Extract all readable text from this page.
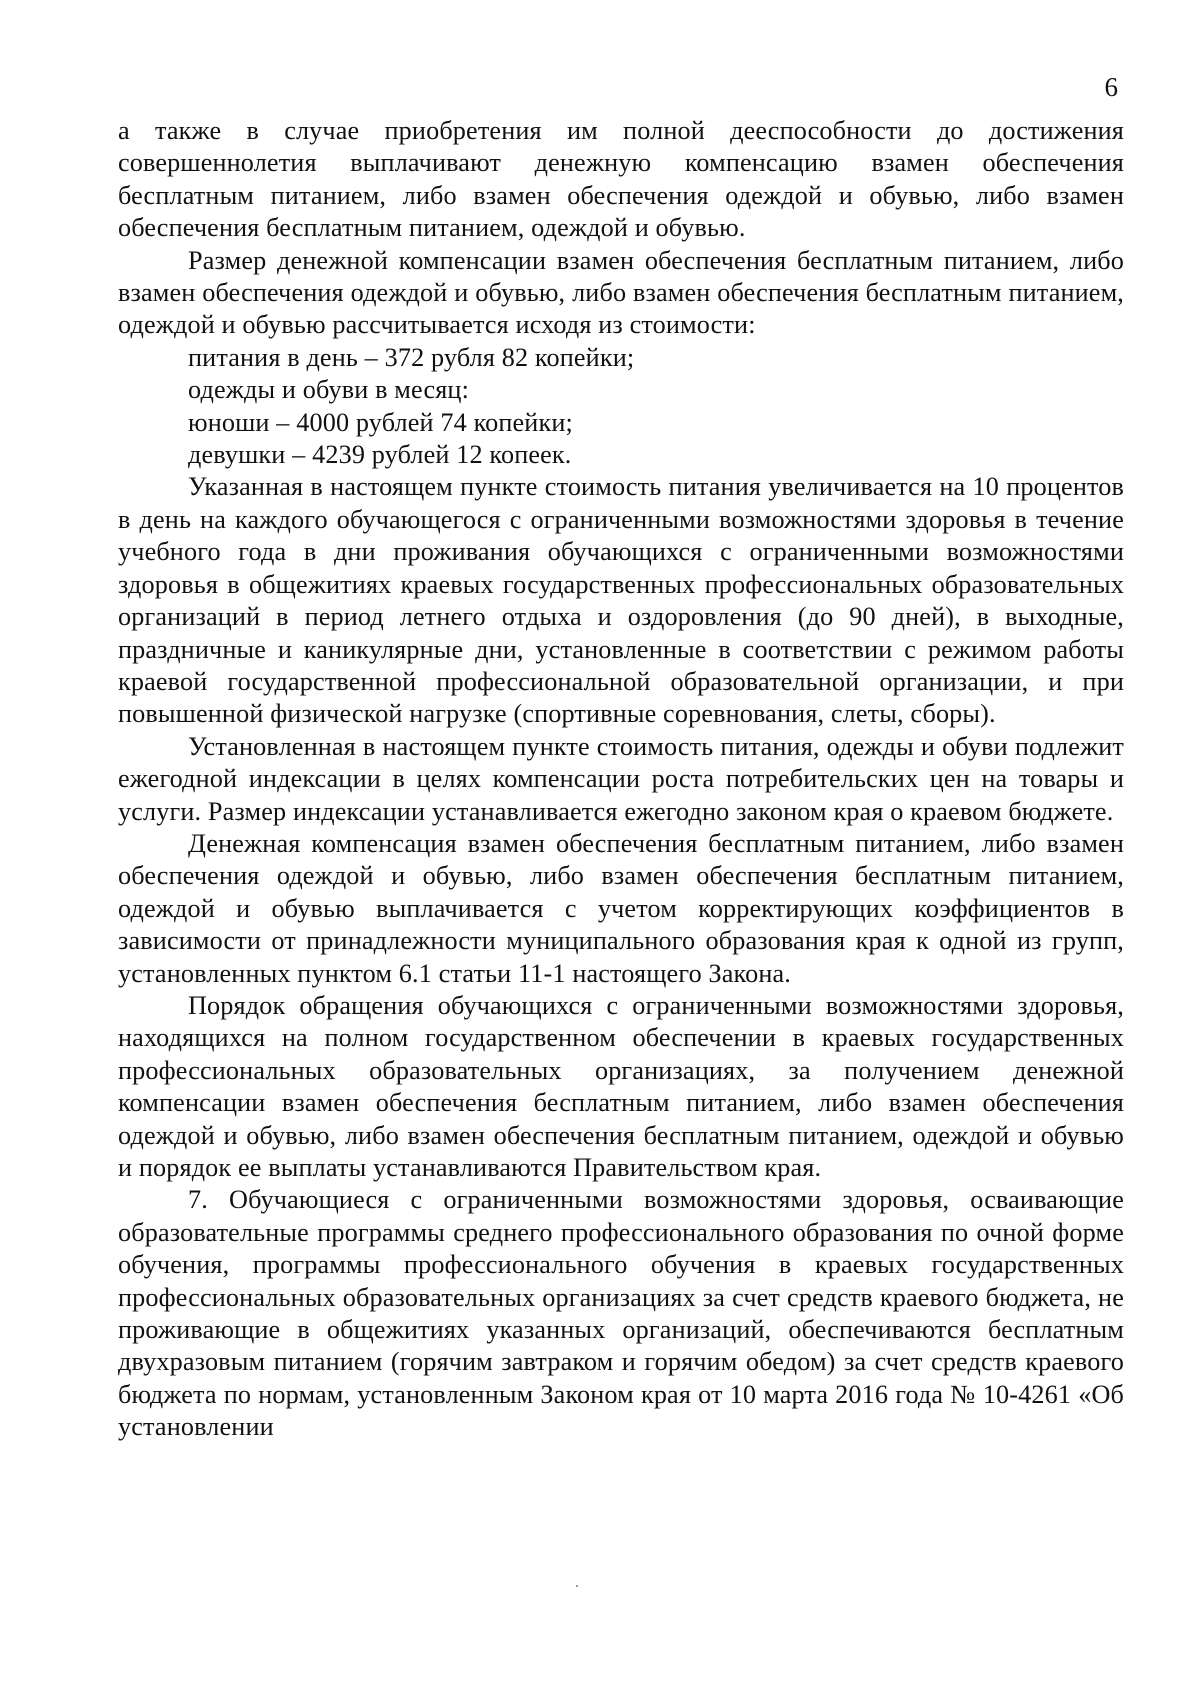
6

а также в случае приобретения им полной дееспособности до достижения совершеннолетия выплачивают денежную компенсацию взамен обеспечения бесплатным питанием, либо взамен обеспечения одеждой и обувью, либо взамен обеспечения бесплатным питанием, одеждой и обувью.

Размер денежной компенсации взамен обеспечения бесплатным питанием, либо взамен обеспечения одеждой и обувью, либо взамен обеспечения бесплатным питанием, одеждой и обувью рассчитывается исходя из стоимости:

питания в день – 372 рубля 82 копейки;
одежды и обуви в месяц:
юноши – 4000 рублей 74 копейки;
девушки – 4239 рублей 12 копеек.

Указанная в настоящем пункте стоимость питания увеличивается на 10 процентов в день на каждого обучающегося с ограниченными возможностями здоровья в течение учебного года в дни проживания обучающихся с ограниченными возможностями здоровья в общежитиях краевых государственных профессиональных образовательных организаций в период летнего отдыха и оздоровления (до 90 дней), в выходные, праздничные и каникулярные дни, установленные в соответствии с режимом работы краевой государственной профессиональной образовательной организации, и при повышенной физической нагрузке (спортивные соревнования, слеты, сборы).

Установленная в настоящем пункте стоимость питания, одежды и обуви подлежит ежегодной индексации в целях компенсации роста потребительских цен на товары и услуги. Размер индексации устанавливается ежегодно законом края о краевом бюджете.

Денежная компенсация взамен обеспечения бесплатным питанием, либо взамен обеспечения одеждой и обувью, либо взамен обеспечения бесплатным питанием, одеждой и обувью выплачивается с учетом корректирующих коэффициентов в зависимости от принадлежности муниципального образования края к одной из групп, установленных пунктом 6.1 статьи 11-1 настоящего Закона.

Порядок обращения обучающихся с ограниченными возможностями здоровья, находящихся на полном государственном обеспечении в краевых государственных профессиональных образовательных организациях, за получением денежной компенсации взамен обеспечения бесплатным питанием, либо взамен обеспечения одеждой и обувью, либо взамен обеспечения бесплатным питанием, одеждой и обувью и порядок ее выплаты устанавливаются Правительством края.

7. Обучающиеся с ограниченными возможностями здоровья, осваивающие образовательные программы среднего профессионального образования по очной форме обучения, программы профессионального обучения в краевых государственных профессиональных образовательных организациях за счет средств краевого бюджета, не проживающие в общежитиях указанных организаций, обеспечиваются бесплатным двухразовым питанием (горячим завтраком и горячим обедом) за счет средств краевого бюджета по нормам, установленным Законом края от 10 марта 2016 года № 10-4261 «Об установлении
